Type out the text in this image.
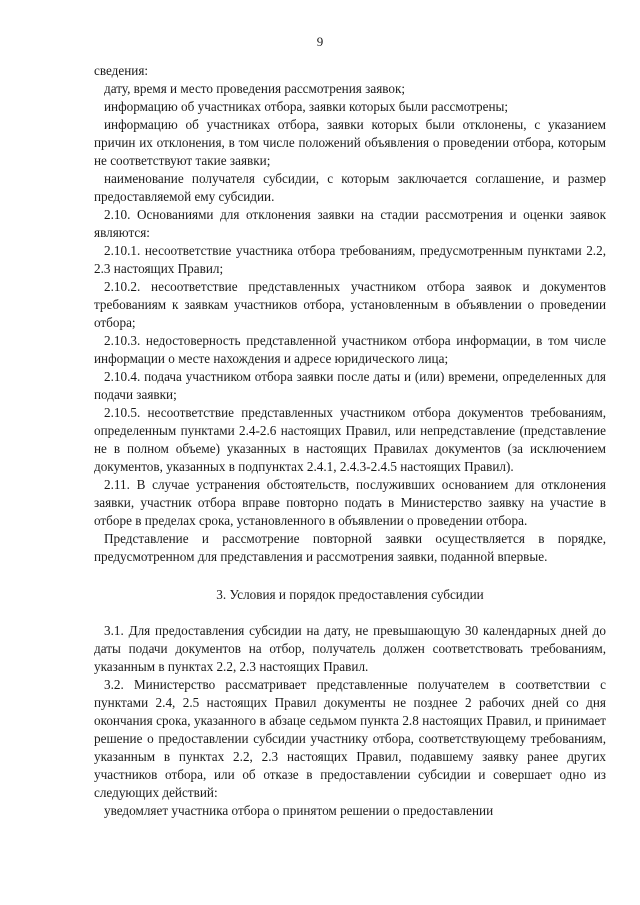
9

сведения:

дату, время и место проведения рассмотрения заявок;

информацию об участниках отбора, заявки которых были рассмотрены;

информацию об участниках отбора, заявки которых были отклонены, с указанием причин их отклонения, в том числе положений объявления о проведении отбора, которым не соответствуют такие заявки;

наименование получателя субсидии, с которым заключается соглашение, и размер предоставляемой ему субсидии.

2.10. Основаниями для отклонения заявки на стадии рассмотрения и оценки заявок являются:

2.10.1. несоответствие участника отбора требованиям, предусмотренным пунктами 2.2, 2.3 настоящих Правил;

2.10.2. несоответствие представленных участником отбора заявок и документов требованиям к заявкам участников отбора, установленным в объявлении о проведении отбора;

2.10.3. недостоверность представленной участником отбора информации, в том числе информации о месте нахождения и адресе юридического лица;

2.10.4. подача участником отбора заявки после даты и (или) времени, определенных для подачи заявки;

2.10.5. несоответствие представленных участником отбора документов требованиям, определенным пунктами 2.4-2.6 настоящих Правил, или непредставление (представление не в полном объеме) указанных в настоящих Правилах документов (за исключением документов, указанных в подпунктах 2.4.1, 2.4.3-2.4.5 настоящих Правил).

2.11. В случае устранения обстоятельств, послуживших основанием для отклонения заявки, участник отбора вправе повторно подать в Министерство заявку на участие в отборе в пределах срока, установленного в объявлении о проведении отбора.

Представление и рассмотрение повторной заявки осуществляется в порядке, предусмотренном для представления и рассмотрения заявки, поданной впервые.

3. Условия и порядок предоставления субсидии

3.1. Для предоставления субсидии на дату, не превышающую 30 календарных дней до даты подачи документов на отбор, получатель должен соответствовать требованиям, указанным в пунктах 2.2, 2.3 настоящих Правил.

3.2. Министерство рассматривает представленные получателем в соответствии с пунктами 2.4, 2.5 настоящих Правил документы не позднее 2 рабочих дней со дня окончания срока, указанного в абзаце седьмом пункта 2.8 настоящих Правил, и принимает решение о предоставлении субсидии участнику отбора, соответствующему требованиям, указанным в пунктах 2.2, 2.3 настоящих Правил, подавшему заявку ранее других участников отбора, или об отказе в предоставлении субсидии и совершает одно из следующих действий:

уведомляет участника отбора о принятом решении о предоставлении
